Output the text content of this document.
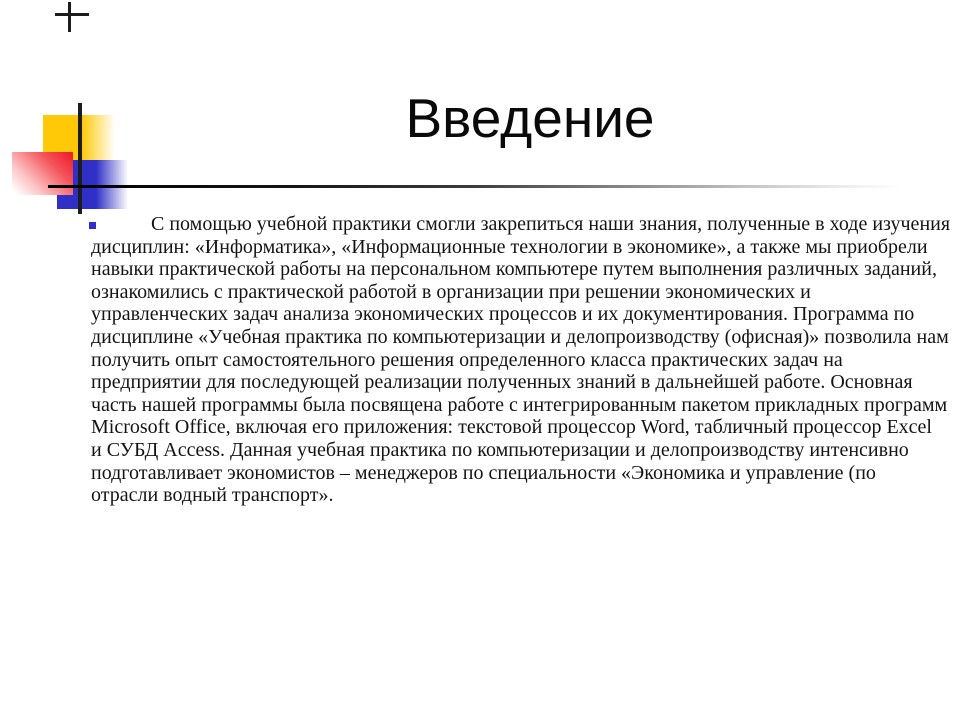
Введение
С помощью учебной практики смогли закрепиться наши знания, полученные в ходе изучения
дисциплин: «Информатика», «Информационные технологии в экономике», а также мы приобрели
навыки практической работы на персональном компьютере путем выполнения различных заданий,
ознакомились с практической работой в организации при решении экономических и
управленческих задач анализа экономических процессов и их документирования. Программа по
дисциплине «Учебная практика по компьютеризации и делопроизводству (офисная)» позволила нам
получить опыт самостоятельного решения определенного класса практических задач на
предприятии для последующей реализации полученных знаний в дальнейшей работе. Основная
часть нашей программы была посвящена работе с интегрированным пакетом прикладных программ
Microsoft Office, включая его приложения: текстовой процессор Word, табличный процессор Excel
и СУБД Access. Данная учебная практика по компьютеризации и делопроизводству интенсивно
подготавливает экономистов – менеджеров по специальности «Экономика и управление (по
отрасли водный транспорт».
